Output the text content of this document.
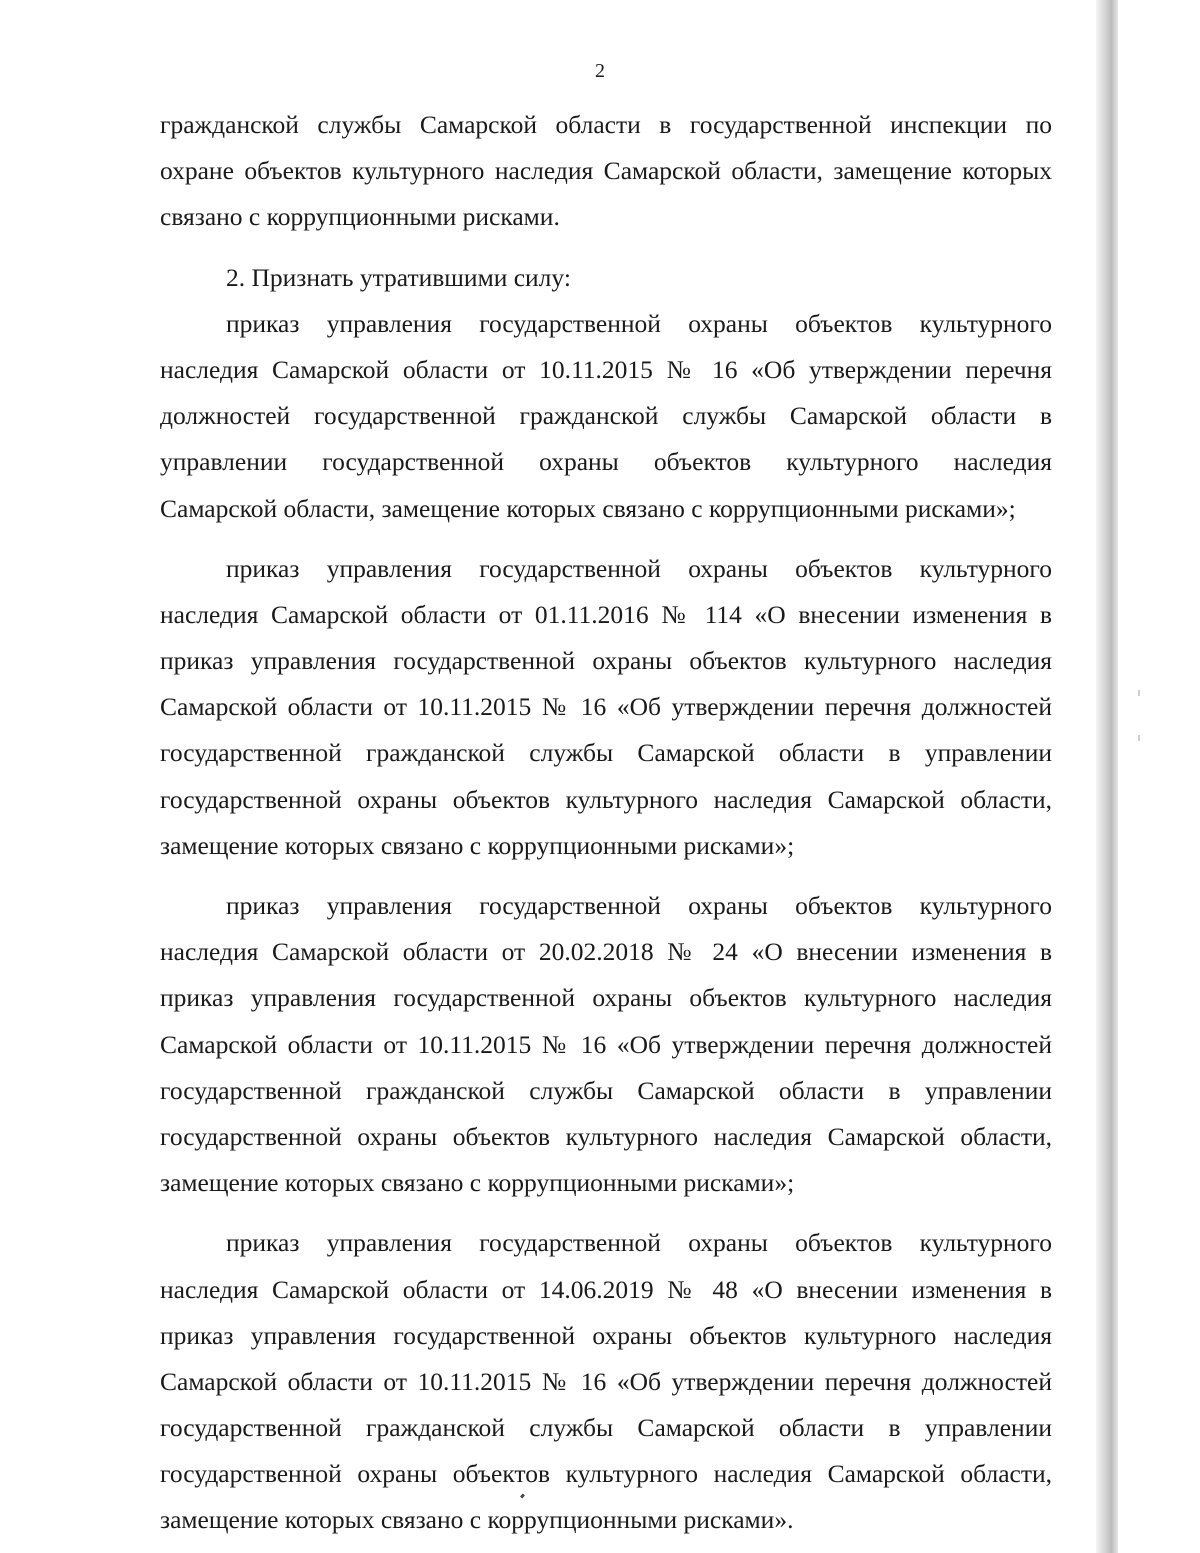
2
гражданской службы Самарской области в государственной инспекции по
охране объектов культурного наследия Самарской области, замещение которых
связано с коррупционными рисками.
2. Признать утратившими силу:
приказ управления государственной охраны объектов культурного
наследия Самарской области от 10.11.2015 № 16 «Об утверждении перечня
должностей государственной гражданской службы Самарской области в
управлении государственной охраны объектов культурного наследия
Самарской области, замещение которых связано с коррупционными рисками»;
приказ управления государственной охраны объектов культурного
наследия Самарской области от 01.11.2016 № 114 «О внесении изменения в
приказ управления государственной охраны объектов культурного наследия
Самарской области от 10.11.2015 № 16 «Об утверждении перечня должностей
государственной гражданской службы Самарской области в управлении
государственной охраны объектов культурного наследия Самарской области,
замещение которых связано с коррупционными рисками»;
приказ управления государственной охраны объектов культурного
наследия Самарской области от 20.02.2018 № 24 «О внесении изменения в
приказ управления государственной охраны объектов культурного наследия
Самарской области от 10.11.2015 № 16 «Об утверждении перечня должностей
государственной гражданской службы Самарской области в управлении
государственной охраны объектов культурного наследия Самарской области,
замещение которых связано с коррупционными рисками»;
приказ управления государственной охраны объектов культурного
наследия Самарской области от 14.06.2019 № 48 «О внесении изменения в
приказ управления государственной охраны объектов культурного наследия
Самарской области от 10.11.2015 № 16 «Об утверждении перечня должностей
государственной гражданской службы Самарской области в управлении
государственной охраны объектов культурного наследия Самарской области,
замещение которых связано с коррупционными рисками».
